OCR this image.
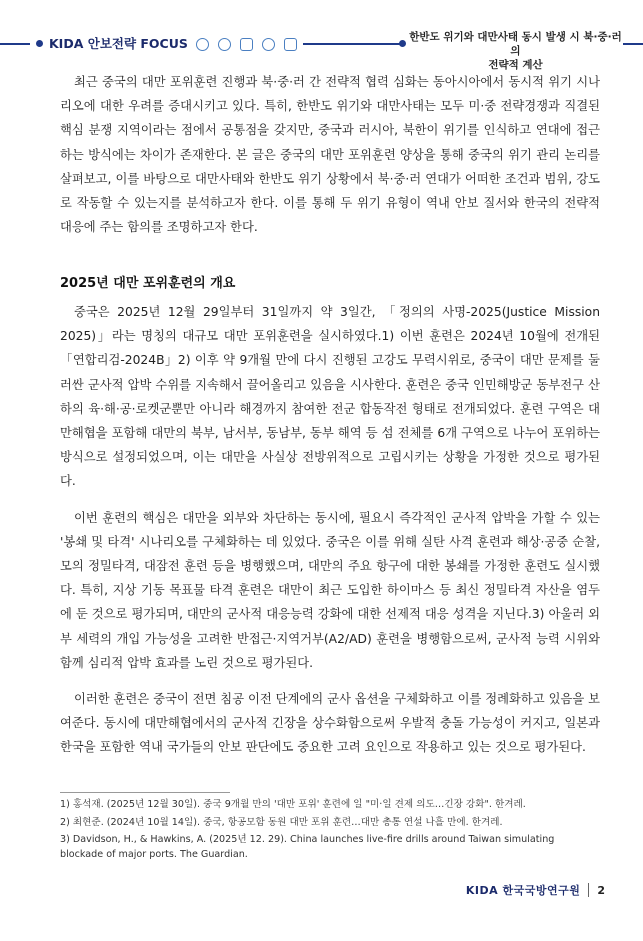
KIDA 안보전략 FOCUS	한반도 위기와 대만사태 동시 발생 시 북·중·러의
전략적 계산

최근 중국의 대만 포위훈련 진행과 북·중·러 간 전략적 협력 심화는 동아시아에서 동시적 위기 시나리오에 대한 우려를 증대시키고 있다. 특히, 한반도 위기와 대만사태는 모두 미·중 전략경쟁과 직결된 핵심 분쟁 지역이라는 점에서 공통점을 갖지만, 중국과 러시아, 북한이 위기를 인식하고 연대에 접근하는 방식에는 차이가 존재한다. 본 글은 중국의 대만 포위훈련 양상을 통해 중국의 위기 관리 논리를 살펴보고, 이를 바탕으로 대만사태와 한반도 위기 상황에서 북·중·러 연대가 어떠한 조건과 범위, 강도로 작동할 수 있는지를 분석하고자 한다. 이를 통해 두 위기 유형이 역내 안보 질서와 한국의 전략적 대응에 주는 함의를 조명하고자 한다.

2025년 대만 포위훈련의 개요

중국은 2025년 12월 29일부터 31일까지 약 3일간, 「정의의 사명-2025(Justice Mission 2025)」라는 명칭의 대규모 대만 포위훈련을 실시하였다.1) 이번 훈련은 2024년 10월에 전개된 「연합리검-2024B」2) 이후 약 9개월 만에 다시 진행된 고강도 무력시위로, 중국이 대만 문제를 둘러싼 군사적 압박 수위를 지속해서 끌어올리고 있음을 시사한다. 훈련은 중국 인민해방군 동부전구 산하의 육·해·공·로켓군뿐만 아니라 해경까지 참여한 전군 합동작전 형태로 전개되었다. 훈련 구역은 대만해협을 포함해 대만의 북부, 남서부, 동남부, 동부 해역 등 섬 전체를 6개 구역으로 나누어 포위하는 방식으로 설정되었으며, 이는 대만을 사실상 전방위적으로 고립시키는 상황을 가정한 것으로 평가된다.

이번 훈련의 핵심은 대만을 외부와 차단하는 동시에, 필요시 즉각적인 군사적 압박을 가할 수 있는 '봉쇄 및 타격' 시나리오를 구체화하는 데 있었다. 중국은 이를 위해 실탄 사격 훈련과 해상·공중 순찰, 모의 정밀타격, 대잠전 훈련 등을 병행했으며, 대만의 주요 항구에 대한 봉쇄를 가정한 훈련도 실시했다. 특히, 지상 기동 목표물 타격 훈련은 대만이 최근 도입한 하이마스 등 최신 정밀타격 자산을 염두에 둔 것으로 평가되며, 대만의 군사적 대응능력 강화에 대한 선제적 대응 성격을 지닌다.3) 아울러 외부 세력의 개입 가능성을 고려한 반접근·지역거부(A2/AD) 훈련을 병행함으로써, 군사적 능력 시위와 함께 심리적 압박 효과를 노린 것으로 평가된다.

이러한 훈련은 중국이 전면 침공 이전 단계에의 군사 옵션을 구체화하고 이를 정례화하고 있음을 보여준다. 동시에 대만해협에서의 군사적 긴장을 상수화함으로써 우발적 충돌 가능성이 커지고, 일본과 한국을 포함한 역내 국가들의 안보 판단에도 중요한 고려 요인으로 작용하고 있는 것으로 평가된다.

1) 홍석재. (2025년 12월 30일). 중국 9개월 만의 '대만 포위' 훈련에 일 "미·일 견제 의도…긴장 강화". 한겨레.
2) 최현준. (2024년 10월 14일). 중국, 항공모함 동원 대만 포위 훈련…대만 총통 연설 나흘 만에. 한겨레.
3) Davidson, H., & Hawkins, A. (2025년 12. 29). China launches live-fire drills around Taiwan simulating blockade of major ports. The Guardian.
KIDA 한국국방연구원 2
